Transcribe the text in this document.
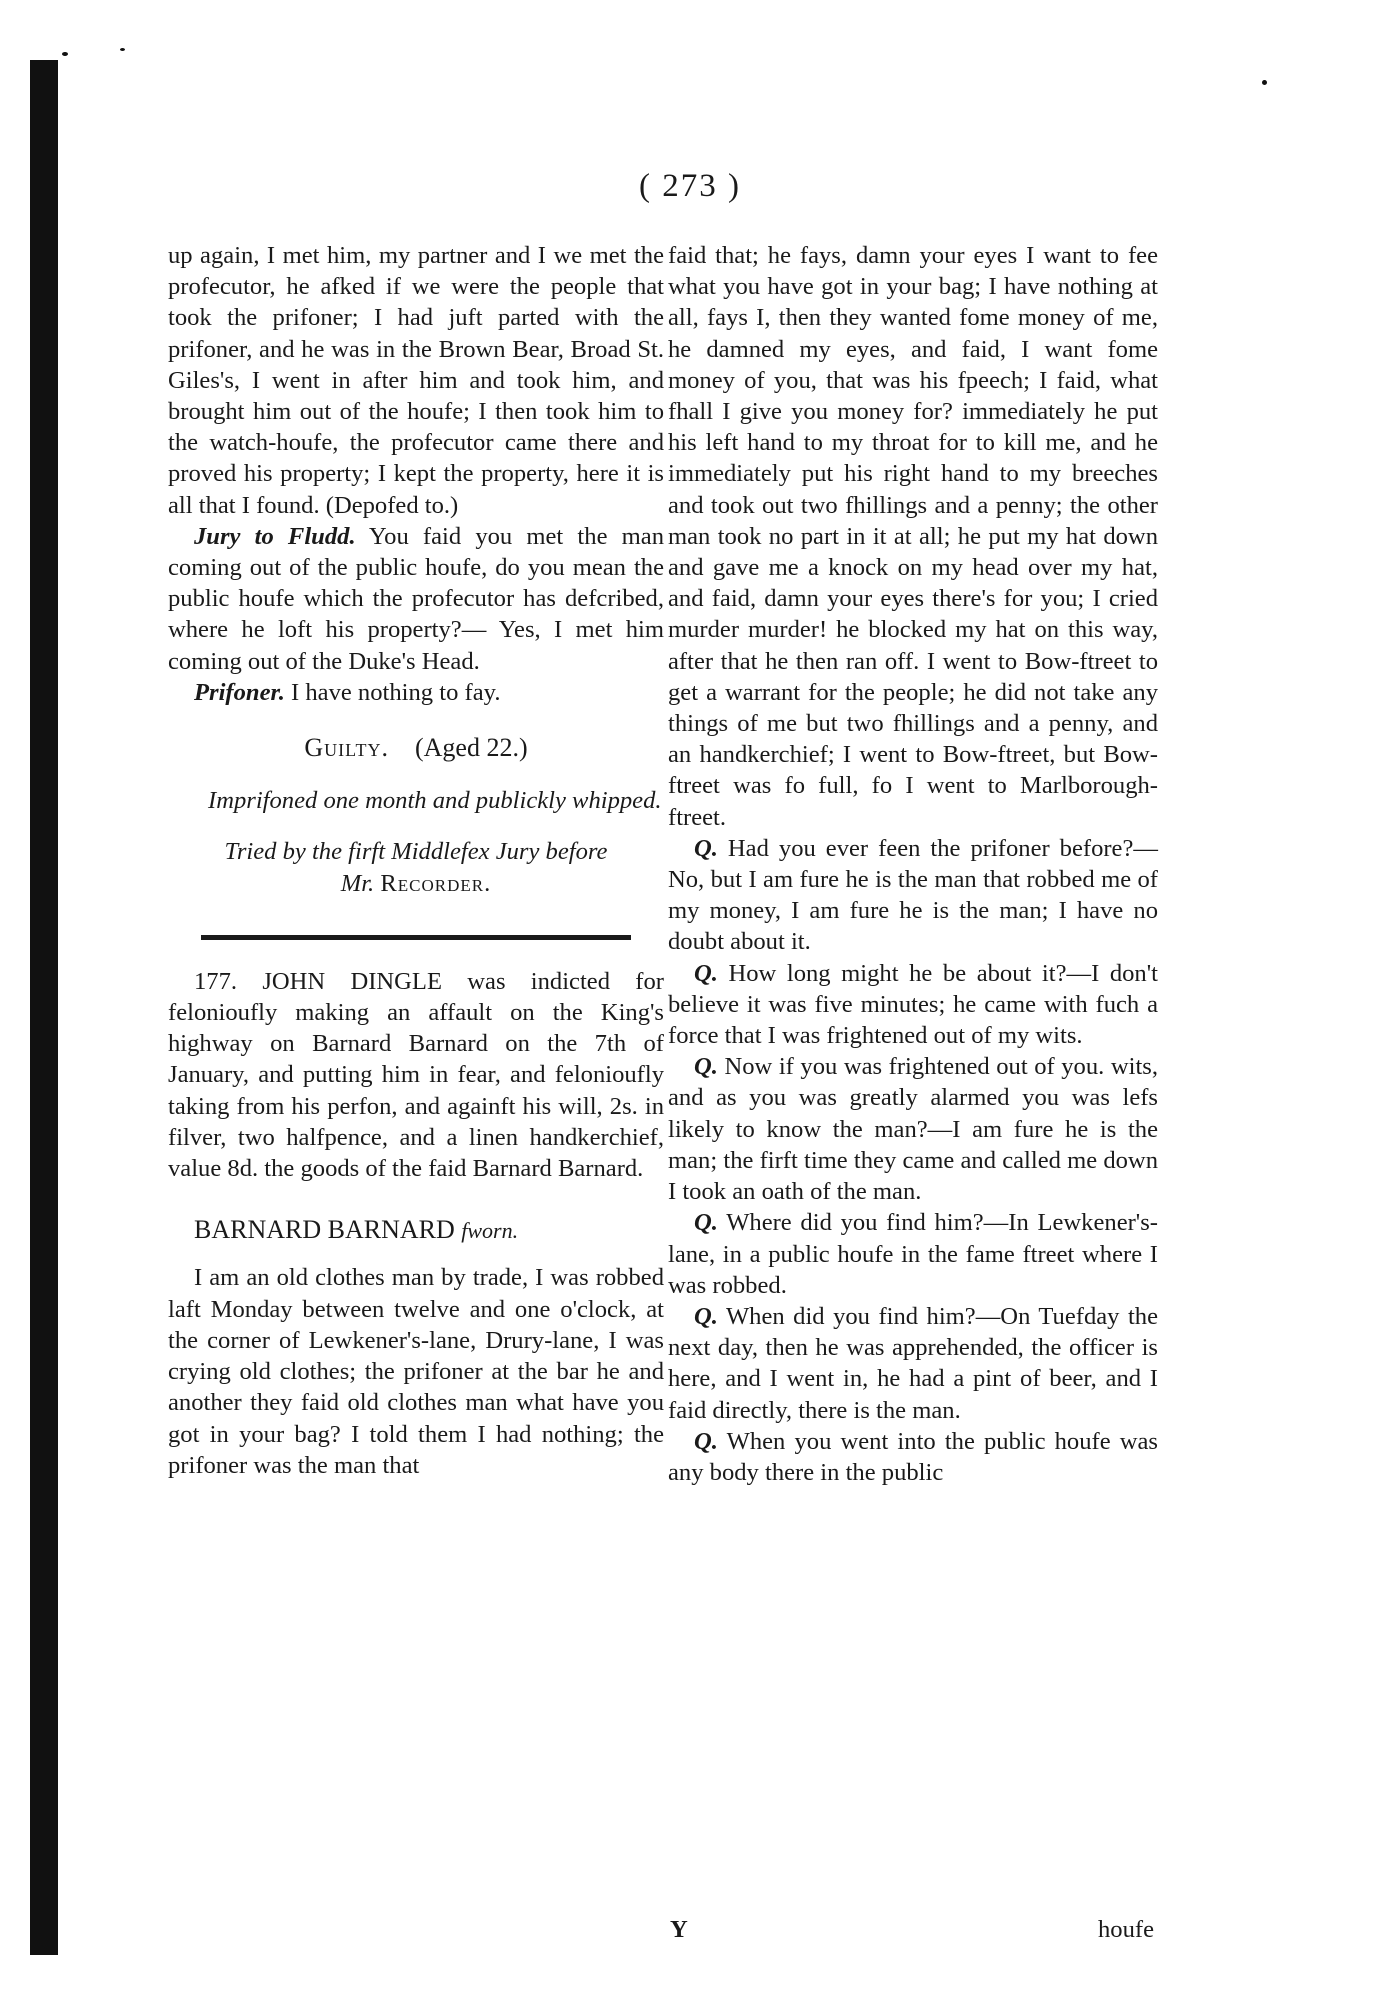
( 273 )

up again, I met him, my partner and I we met the profecutor, he afked if we were the people that took the prifoner; I had juft parted with the prifoner, and he was in the Brown Bear, Broad St. Giles's, I went in after him and took him, and brought him out of the houfe; I then took him to the watch-houfe, the profecutor came there and proved his property; I kept the property, here it is all that I found. (Depofed to.)

Jury to Fludd. You faid you met the man coming out of the public houfe, do you mean the public houfe which the profecutor has defcribed, where he loft his property?— Yes, I met him coming out of the Duke's Head.

Prifoner. I have nothing to fay.

Guilty. (Aged 22.)

Imprifoned one month and publickly whipped.

Tried by the firft Middlefex Jury before
Mr. Recorder.

177. JOHN DINGLE was indicted for felonioufly making an affault on the King's highway on Barnard Barnard on the 7th of January, and putting him in fear, and felonioufly taking from his perfon, and againft his will, 2s. in filver, two halfpence, and a linen handkerchief, value 8d. the goods of the faid Barnard Barnard.

BARNARD BARNARD fworn.

I am an old clothes man by trade, I was robbed laft Monday between twelve and one o'clock, at the corner of Lewkener's-lane, Drury-lane, I was crying old clothes; the prifoner at the bar he and another they faid old clothes man what have you got in your bag? I told them I had nothing; the prifoner was the man that

faid that; he fays, damn your eyes I want to fee what you have got in your bag; I have nothing at all, fays I, then they wanted fome money of me, he damned my eyes, and faid, I want fome money of you, that was his fpeech; I faid, what fhall I give you money for? immediately he put his left hand to my throat for to kill me, and he immediately put his right hand to my breeches and took out two fhillings and a penny; the other man took no part in it at all; he put my hat down and gave me a knock on my head over my hat, and faid, damn your eyes there's for you; I cried murder murder! he blocked my hat on this way, after that he then ran off. I went to Bow-ftreet to get a warrant for the people; he did not take any things of me but two fhillings and a penny, and an handkerchief; I went to Bow-ftreet, but Bow-ftreet was fo full, fo I went to Marlborough-ftreet.

Q. Had you ever feen the prifoner before?—No, but I am fure he is the man that robbed me of my money, I am fure he is the man; I have no doubt about it.

Q. How long might he be about it?—I don't believe it was five minutes; he came with fuch a force that I was frightened out of my wits.

Q. Now if you was frightened out of you. wits, and as you was greatly alarmed you was lefs likely to know the man?—I am fure he is the man; the firft time they came and called me down I took an oath of the man.

Q. Where did you find him?—In Lewkener's-lane, in a public houfe in the fame ftreet where I was robbed.

Q. When did you find him?—On Tuefday the next day, then he was apprehended, the officer is here, and I went in, he had a pint of beer, and I faid directly, there is the man.

Q. When you went into the public houfe was any body there in the public

Y	houfe
